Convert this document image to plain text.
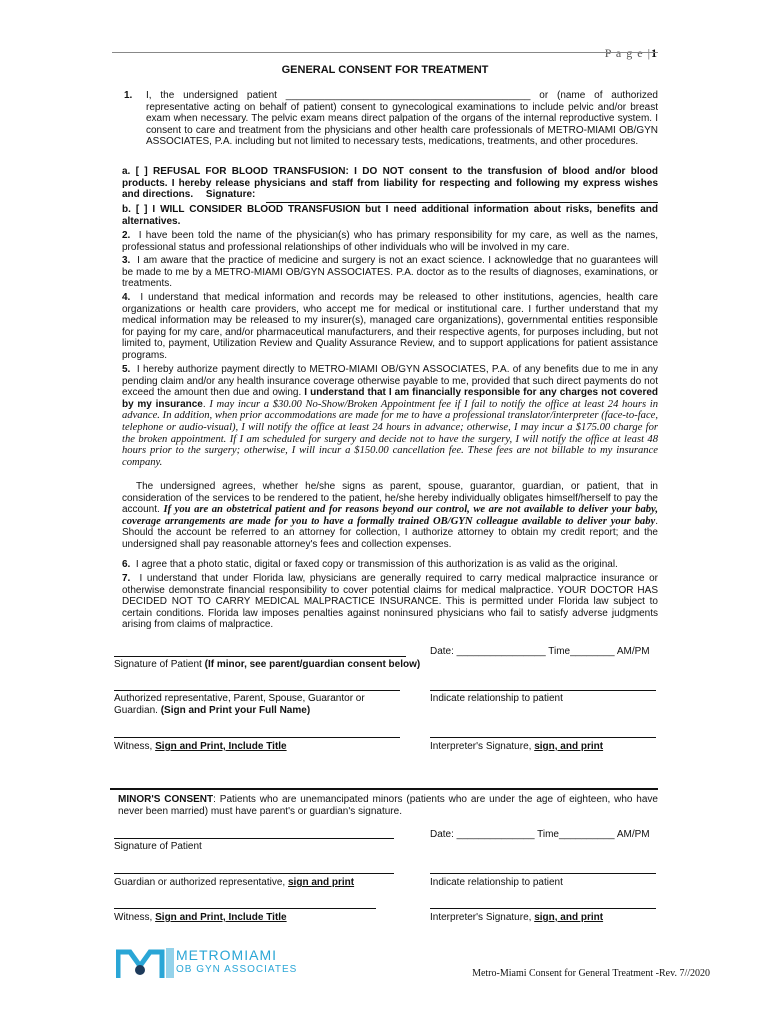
P a g e |1
GENERAL CONSENT FOR TREATMENT
1. I, the undersigned patient ____________________________________________ or (name of authorized representative acting on behalf of patient) consent to gynecological examinations to include pelvic and/or breast exam when necessary. The pelvic exam means direct palpation of the organs of the internal reproductive system. I consent to care and treatment from the physicians and other health care professionals of METRO-MIAMI OB/GYN ASSOCIATES, P.A. including but not limited to necessary tests, medications, treatments, and other procedures.
a. [ ] REFUSAL FOR BLOOD TRANSFUSION: I DO NOT consent to the transfusion of blood and/or blood products. I hereby release physicians and staff from liability for respecting and following my express wishes and directions. Signature:
b. [ ] I WILL CONSIDER BLOOD TRANSFUSION but I need additional information about risks, benefits and alternatives.
2. I have been told the name of the physician(s) who has primary responsibility for my care, as well as the names, professional status and professional relationships of other individuals who will be involved in my care.
3. I am aware that the practice of medicine and surgery is not an exact science. I acknowledge that no guarantees will be made to me by a METRO-MIAMI OB/GYN ASSOCIATES. P.A. doctor as to the results of diagnoses, examinations, or treatments.
4. I understand that medical information and records may be released to other institutions, agencies, health care organizations or health care providers, who accept me for medical or institutional care. I further understand that my medical information may be released to my insurer(s), managed care organizations), governmental entities responsible for paying for my care, and/or pharmaceutical manufacturers, and their respective agents, for purposes including, but not limited to, payment, Utilization Review and Quality Assurance Review, and to support applications for patient assistance programs.
5. I hereby authorize payment directly to METRO-MIAMI OB/GYN ASSOCIATES, P.A. of any benefits due to me in any pending claim and/or any health insurance coverage otherwise payable to me, provided that such direct payments do not exceed the amount then due and owing. I understand that I am financially responsible for any charges not covered by my insurance. I may incur a $30.00 No-Show/Broken Appointment fee if I fail to notify the office at least 24 hours in advance. In addition, when prior accommodations are made for me to have a professional translator/interpreter (face-to-face, telephone or audio-visual), I will notify the office at least 24 hours in advance; otherwise, I may incur a $175.00 charge for the broken appointment. If I am scheduled for surgery and decide not to have the surgery, I will notify the office at least 48 hours prior to the surgery; otherwise, I will incur a $150.00 cancellation fee. These fees are not billable to my insurance company.
The undersigned agrees, whether he/she signs as parent, spouse, guarantor, guardian, or patient, that in consideration of the services to be rendered to the patient, he/she hereby individually obligates himself/herself to pay the account. If you are an obstetrical patient and for reasons beyond our control, we are not available to deliver your baby, coverage arrangements are made for you to have a formally trained OB/GYN colleague available to deliver your baby. Should the account be referred to an attorney for collection, I authorize attorney to obtain my credit report; and the undersigned shall pay reasonable attorney's fees and collection expenses.
6. I agree that a photo static, digital or faxed copy or transmission of this authorization is as valid as the original.
7. I understand that under Florida law, physicians are generally required to carry medical malpractice insurance or otherwise demonstrate financial responsibility to cover potential claims for medical malpractice. YOUR DOCTOR HAS DECIDED NOT TO CARRY MEDICAL MALPRACTICE INSURANCE. This is permitted under Florida law subject to certain conditions. Florida law imposes penalties against noninsured physicians who fail to satisfy adverse judgments arising from claims of malpractice.
Date: ________________ Time________ AM/PM
Signature of Patient (If minor, see parent/guardian consent below)
Authorized representative, Parent, Spouse, Guarantor or Guardian. (Sign and Print your Full Name)
Indicate relationship to patient
Witness, Sign and Print, Include Title	Interpreter's Signature, sign, and print
MINOR'S CONSENT: Patients who are unemancipated minors (patients who are under the age of eighteen, who have never been married) must have parent's or guardian's signature.
Date: ______________ Time__________ AM/PM
Signature of Patient
Guardian or authorized representative, sign and print	Indicate relationship to patient
Witness, Sign and Print, Include Title	Interpreter's Signature, sign, and print
METROMIAMI
OB GYN ASSOCIATES	Metro-Miami Consent for General Treatment -Rev. 7//2020
